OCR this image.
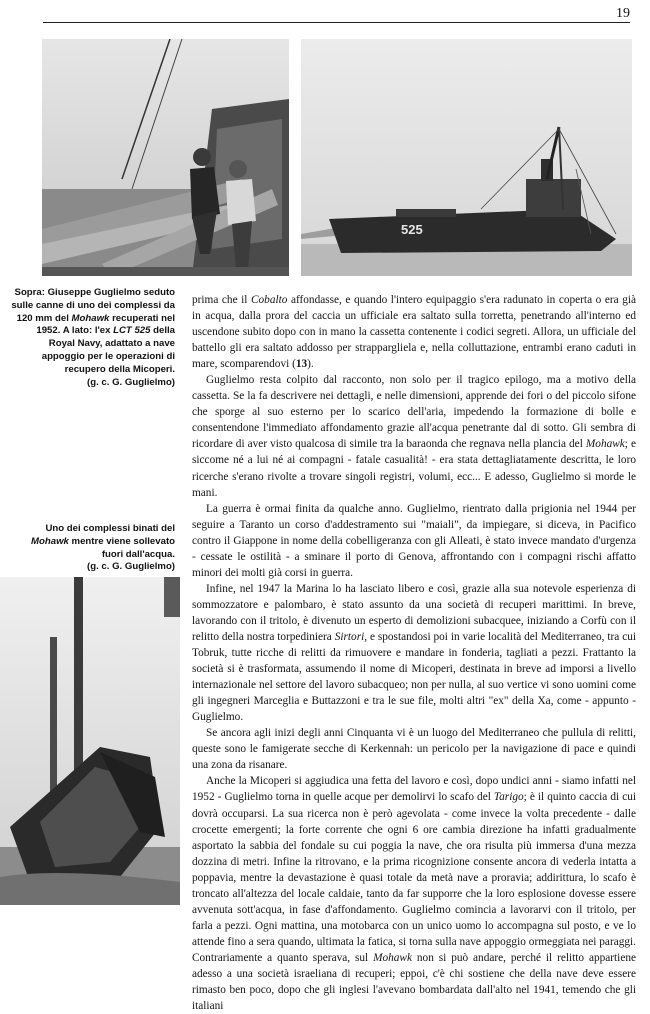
19
525

Sopra: Giuseppe Guglielmo seduto sulle canne di uno dei complessi da 120 mm del Mohawk recuperati nel 1952. A lato: l'ex LCT 525 della Royal Navy, adattato a nave appoggio per le operazioni di recupero della Micoperi.

(g. c. G. Guglielmo)

Uno dei complessi binati del Mohawk mentre viene sollevato fuori dall'acqua.

(g. c. G. Guglielmo)

prima che il Cobalto affondasse, e quando l'intero equipaggio s'era radunato in coperta o era già in acqua, dalla prora del caccia un ufficiale era saltato sulla torretta, penetrando all'interno ed uscendone subito dopo con in mano la cassetta contenente i codici segreti. Allora, un ufficiale del battello gli era saltato addosso per strappargliela e, nella colluttazione, entrambi erano caduti in mare, scomparendovi (13).

Guglielmo resta colpito dal racconto, non solo per il tragico epilogo, ma a motivo della cassetta. Se la fa descrivere nei dettagli, e nelle dimensioni, apprende dei fori o del piccolo sifone che sporge al suo esterno per lo scarico dell'aria, impedendo la formazione di bolle e consentendone l'immediato affondamento grazie all'acqua penetrante dal di sotto. Gli sembra di ricordare di aver visto qualcosa di simile tra la baraonda che regnava nella plancia del Mohawk; e siccome né a lui né ai compagni - fatale casualità! - era stata dettagliatamente descritta, le loro ricerche s'erano rivolte a trovare singoli registri, volumi, ecc... E adesso, Guglielmo si morde le mani.

La guerra è ormai finita da qualche anno. Guglielmo, rientrato dalla prigionia nel 1944 per seguire a Taranto un corso d'addestramento sui "maiali", da impiegare, si diceva, in Pacifico contro il Giappone in nome della cobelligeranza con gli Alleati, è stato invece mandato d'urgenza - cessate le ostilità - a sminare il porto di Genova, affrontando con i compagni rischi affatto minori dei molti già corsi in guerra.

Infine, nel 1947 la Marina lo ha lasciato libero e così, grazie alla sua notevole esperienza di sommozzatore e palombaro, è stato assunto da una società di recuperi marittimi. In breve, lavorando con il tritolo, è divenuto un esperto di demolizioni subacquee, iniziando a Corfù con il relitto della nostra torpediniera Sirtori, e spostandosi poi in varie località del Mediterraneo, tra cui Tobruk, tutte ricche di relitti da rimuovere e mandare in fonderia, tagliati a pezzi. Frattanto la società si è trasformata, assumendo il nome di Micoperi, destinata in breve ad imporsi a livello internazionale nel settore del lavoro subacqueo; non per nulla, al suo vertice vi sono uomini come gli ingegneri Marceglia e Buttazzoni e tra le sue file, molti altri "ex" della Xa, come - appunto - Guglielmo.

Se ancora agli inizi degli anni Cinquanta vi è un luogo del Mediterraneo che pullula di relitti, queste sono le famigerate secche di Kerkennah: un pericolo per la navigazione di pace e quindi una zona da risanare.

Anche la Micoperi si aggiudica una fetta del lavoro e così, dopo undici anni - siamo infatti nel 1952 - Guglielmo torna in quelle acque per demolirvi lo scafo del Tarigo; è il quinto caccia di cui dovrà occuparsi. La sua ricerca non è però agevolata - come invece la volta precedente - dalle crocette emergenti; la forte corrente che ogni 6 ore cambia direzione ha infatti gradualmente asportato la sabbia del fondale su cui poggia la nave, che ora risulta più immersa d'una mezza dozzina di metri. Infine la ritrovano, e la prima ricognizione consente ancora di vederla intatta a poppavia, mentre la devastazione è quasi totale da metà nave a proravia; addirittura, lo scafo è troncato all'altezza del locale caldaie, tanto da far supporre che la loro esplosione dovesse essere avvenuta sott'acqua, in fase d'affondamento. Guglielmo comincia a lavorarvi con il tritolo, per farla a pezzi. Ogni mattina, una motobarca con un unico uomo lo accompagna sul posto, e ve lo attende fino a sera quando, ultimata la fatica, si torna sulla nave appoggio ormeggiata nei paraggi. Contrariamente a quanto sperava, sul Mohawk non si può andare, perché il relitto appartiene adesso a una società israeliana di recuperi; eppoi, c'è chi sostiene che della nave deve essere rimasto ben poco, dopo che gli inglesi l'avevano bombardata dall'alto nel 1941, temendo che gli italiani
